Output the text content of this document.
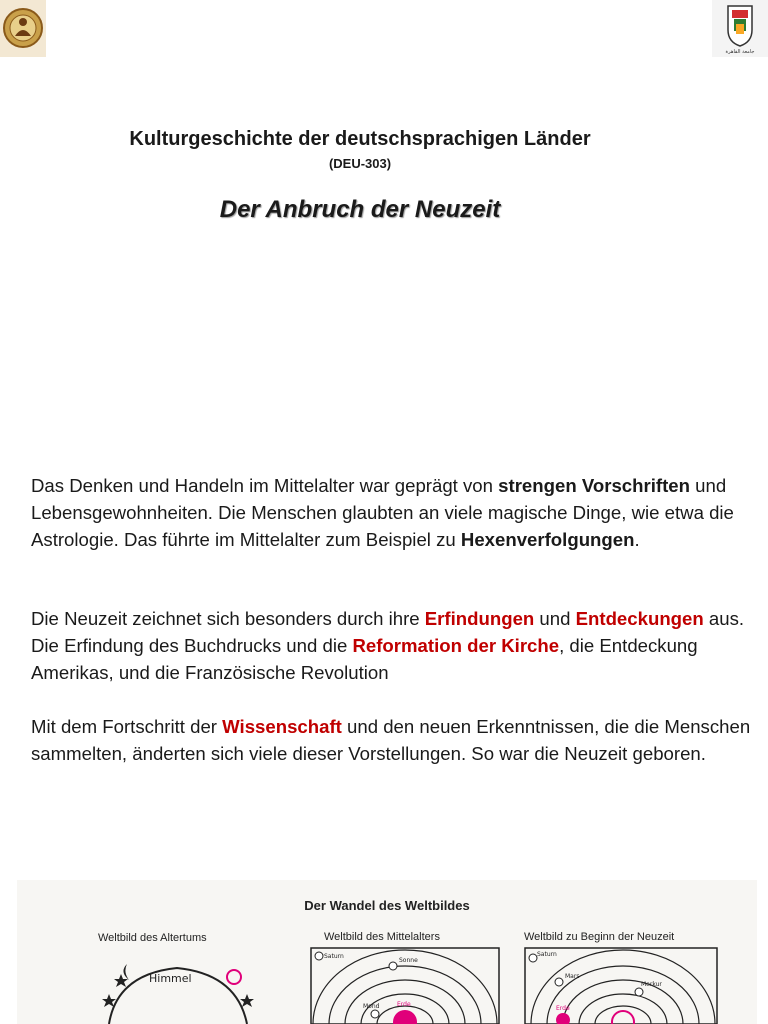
جامعة القاهرة
Kulturgeschichte der deutschsprachigen Länder
(DEU-303)
Der Anbruch der Neuzeit

Das Denken und Handeln im Mittelalter war geprägt von strengen Vorschriften und Lebensgewohnheiten. Die Menschen glaubten an viele magische Dinge, wie etwa die Astrologie. Das führte im Mittelalter zum Beispiel zu Hexenverfolgungen.

Die Neuzeit zeichnet sich besonders durch ihre Erfindungen und Entdeckungen aus. Die Erfindung des Buchdrucks und die Reformation der Kirche, die Entdeckung Amerikas, und die Französische Revolution

Mit dem Fortschritt der Wissenschaft und den neuen Erkenntnissen, die die Menschen sammelten, änderten sich viele dieser Vorstellungen. So war die Neuzeit geboren.

Der Wandel des Weltbildes
Weltbild des Altertums	Weltbild des Mittelalters	Weltbild zu Beginn der Neuzeit
Himmel
Saturn
Sonne
Mond	Erde
Erde
Saturn
Mars
Merkur
